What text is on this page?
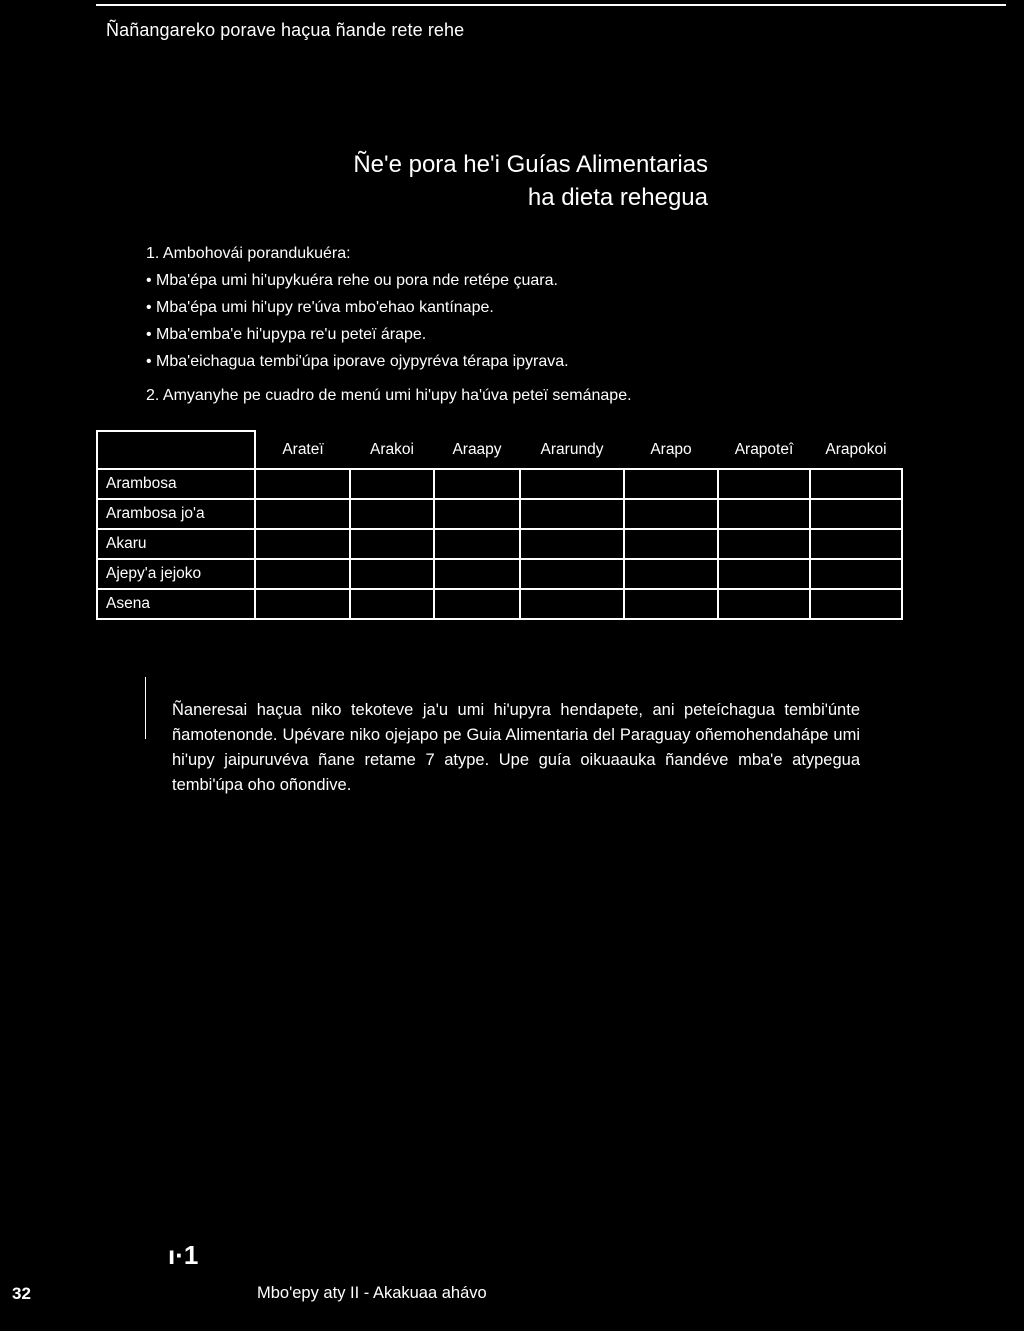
Ñañangareko porave haçua ñande rete rehe
Ñe'e pora he'i Guías Alimentarias
ha dieta rehegua
1. Ambohovái porandukuéra:
• Mba'épa umi hi'upykuéra rehe ou pora nde retépe çuara.
• Mba'épa umi hi'upy re'úva mbo'ehao kantínape.
• Mba'emba'e hi'upypa re'u peteï árape.
• Mba'eichagua tembi'úpa iporave ojypyréva térapa ipyrava.
2. Amyanyhe pe cuadro de menú umi hi'upy ha'úva peteï semánape.
	Arateï	Arakoi	Araapy	Ararundy	Arapo	Arapoteî	Arapokoi
Arambosa							
Arambosa jo'a							
Akaru							
Ajepy'a jejoko							
Asena							
Ñaneresai haçua niko tekoteve ja'u umi hi'upyra hendapete, ani peteíchagua tembi'únte ñamotenonde. Upévare niko ojejapo pe Guia Alimentaria del Paraguay oñemohendahápe umi hi'upy jaipuruvéva ñane retame 7 atype. Upe guía oikuaauka ñandéve mba'e atypegua tembi'úpa oho oñondive.
ı·1
32	Mbo'epy aty II - Akakuaa ahávo
